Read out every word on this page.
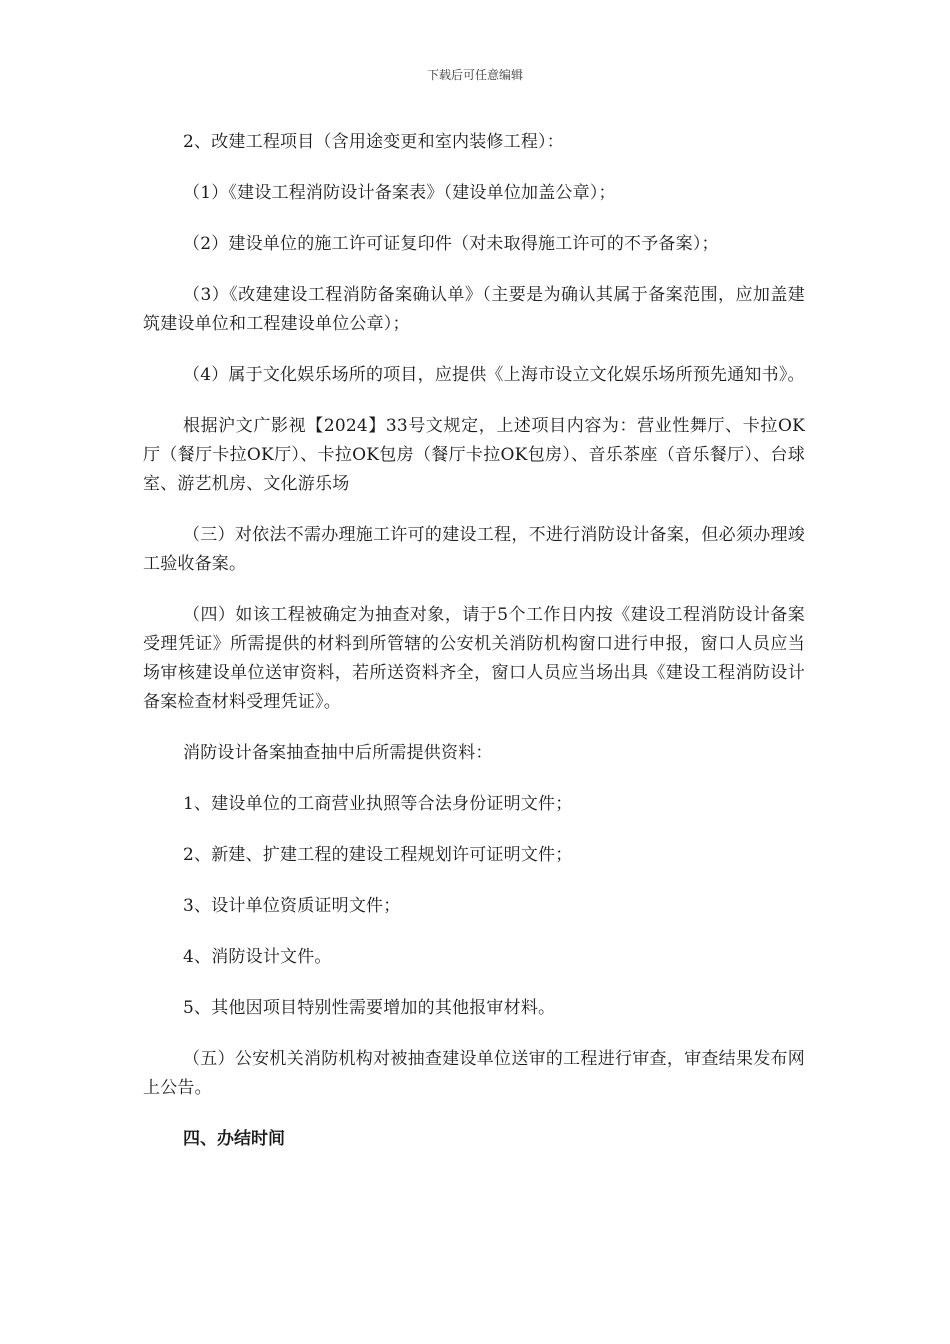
下载后可任意编辑

2、改建工程项目（含用途变更和室内装修工程）：

（1）《建设工程消防设计备案表》（建设单位加盖公章）；

（2）建设单位的施工许可证复印件（对未取得施工许可的不予备案）；

（3）《改建建设工程消防备案确认单》（主要是为确认其属于备案范围，应加盖建筑建设单位和工程建设单位公章）；

（4）属于文化娱乐场所的项目，应提供《上海市设立文化娱乐场所预先通知书》。

根据沪文广影视【2024】33号文规定，上述项目内容为：营业性舞厅、卡拉OK厅（餐厅卡拉OK厅）、卡拉OK包房（餐厅卡拉OK包房）、音乐茶座（音乐餐厅）、台球室、游艺机房、文化游乐场

（三）对依法不需办理施工许可的建设工程，不进行消防设计备案，但必须办理竣工验收备案。

（四）如该工程被确定为抽查对象，请于5个工作日内按《建设工程消防设计备案受理凭证》所需提供的材料到所管辖的公安机关消防机构窗口进行申报，窗口人员应当场审核建设单位送审资料，若所送资料齐全，窗口人员应当场出具《建设工程消防设计备案检查材料受理凭证》。

消防设计备案抽查抽中后所需提供资料：

1、建设单位的工商营业执照等合法身份证明文件；

2、新建、扩建工程的建设工程规划许可证明文件；

3、设计单位资质证明文件；

4、消防设计文件。

5、其他因项目特别性需要增加的其他报审材料。

（五）公安机关消防机构对被抽查建设单位送审的工程进行审查，审查结果发布网上公告。

四、办结时间
